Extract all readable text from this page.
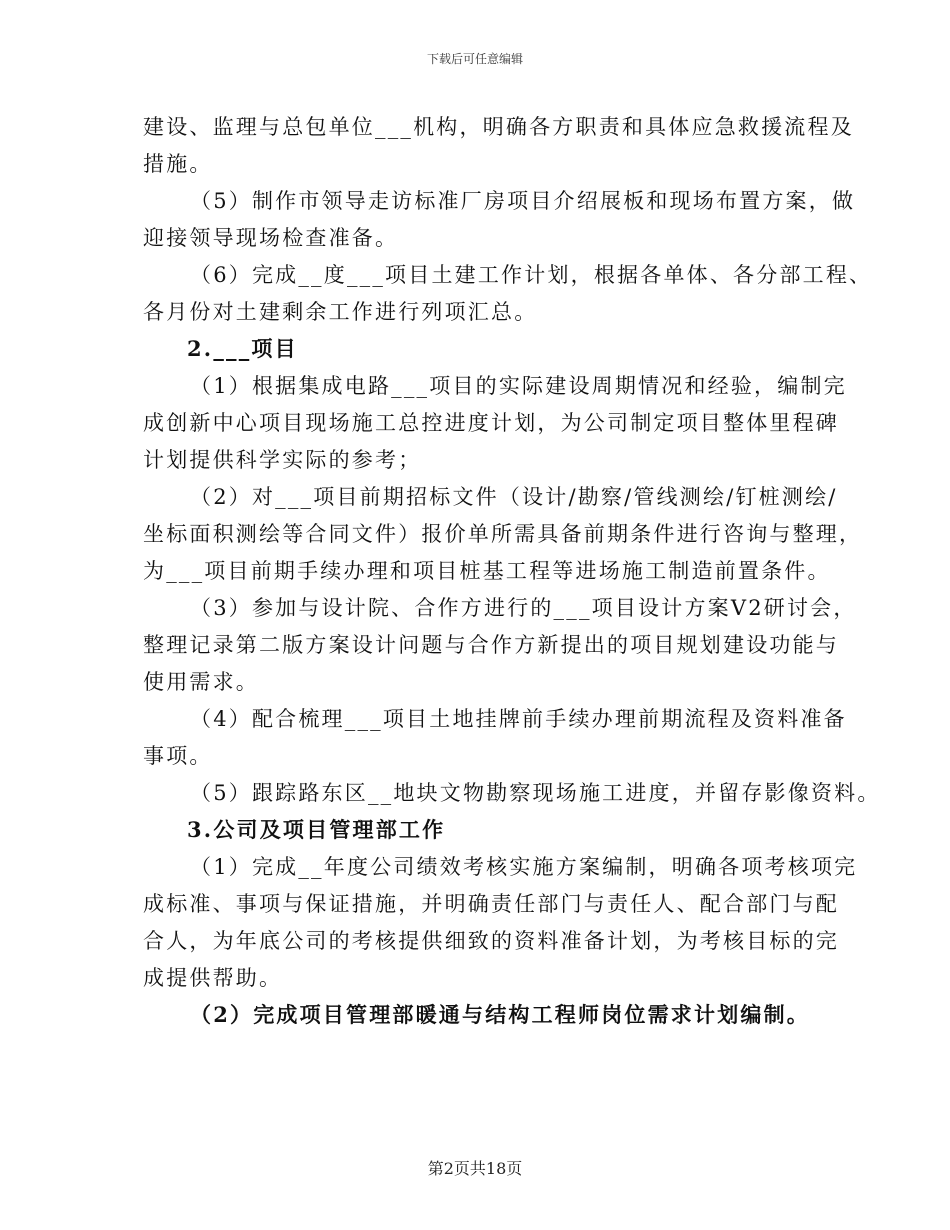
下载后可任意编辑
建设、监理与总包单位___机构，明确各方职责和具体应急救援流程及
措施。
（5）制作市领导走访标准厂房项目介绍展板和现场布置方案，做
迎接领导现场检查准备。
（6）完成__度___项目土建工作计划，根据各单体、各分部工程、
各月份对土建剩余工作进行列项汇总。
2.___项目
（1）根据集成电路___项目的实际建设周期情况和经验，编制完
成创新中心项目现场施工总控进度计划，为公司制定项目整体里程碑
计划提供科学实际的参考；
（2）对___项目前期招标文件（设计/勘察/管线测绘/钉桩测绘/
坐标面积测绘等合同文件）报价单所需具备前期条件进行咨询与整理，
为___项目前期手续办理和项目桩基工程等进场施工制造前置条件。
（3）参加与设计院、合作方进行的___项目设计方案V2研讨会，
整理记录第二版方案设计问题与合作方新提出的项目规划建设功能与
使用需求。
（4）配合梳理___项目土地挂牌前手续办理前期流程及资料准备
事项。
（5）跟踪路东区__地块文物勘察现场施工进度，并留存影像资料。
3.公司及项目管理部工作
（1）完成__年度公司绩效考核实施方案编制，明确各项考核项完
成标准、事项与保证措施，并明确责任部门与责任人、配合部门与配
合人，为年底公司的考核提供细致的资料准备计划，为考核目标的完
成提供帮助。
（2）完成项目管理部暖通与结构工程师岗位需求计划编制。
第2页共18页
